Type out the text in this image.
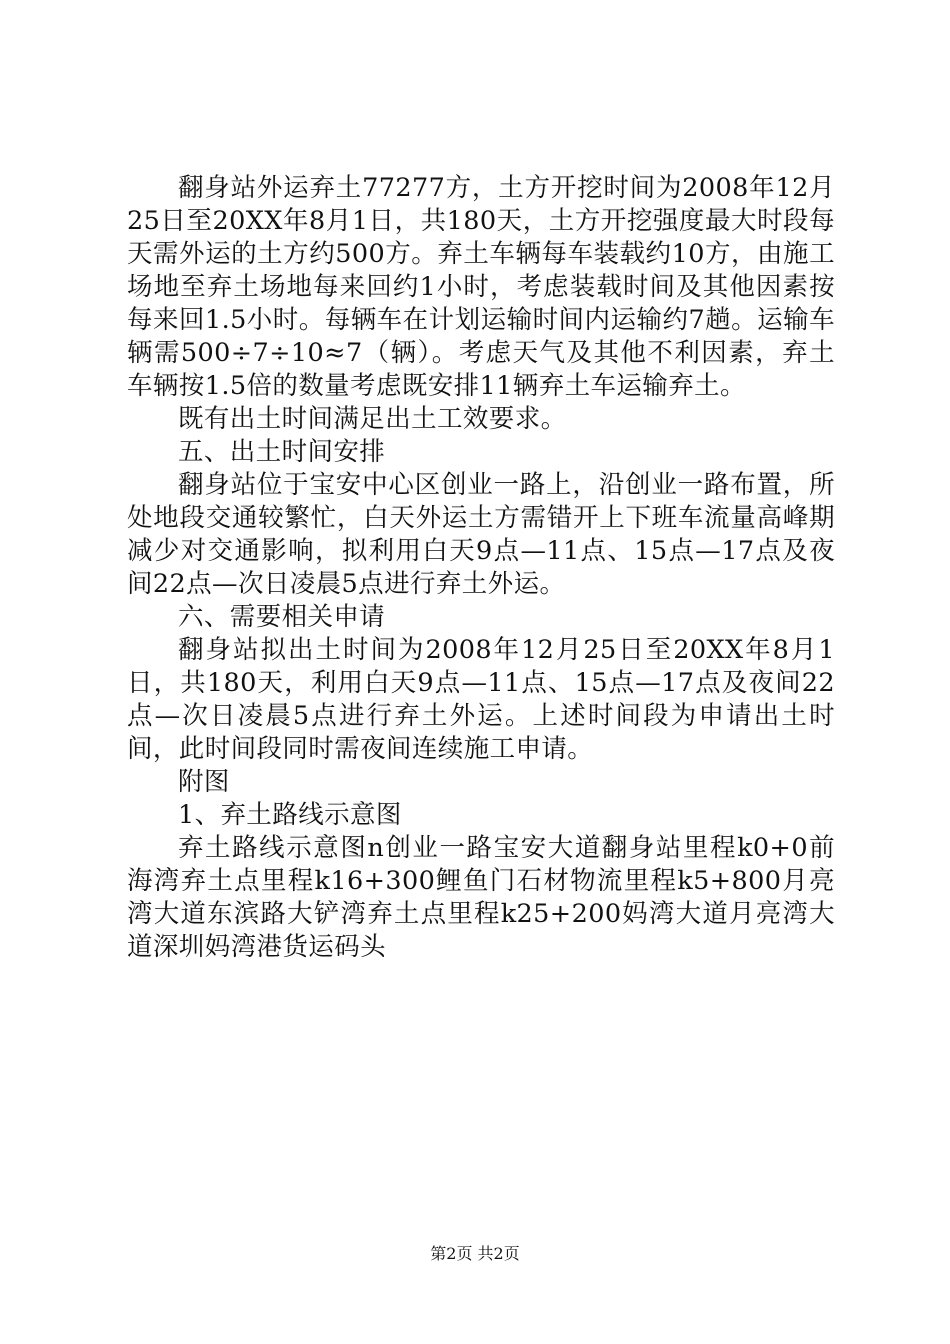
翻身站外运弃土77277方，土方开挖时间为2008年12月25日至20XX年8月1日，共180天，土方开挖强度最大时段每天需外运的土方约500方。弃土车辆每车装载约10方，由施工场地至弃土场地每来回约1小时，考虑装载时间及其他因素按每来回1.5小时。每辆车在计划运输时间内运输约7趟。运输车辆需500÷7÷10≈7（辆）。考虑天气及其他不利因素，弃土车辆按1.5倍的数量考虑既安排11辆弃土车运输弃土。

既有出土时间满足出土工效要求。

五、出土时间安排

翻身站位于宝安中心区创业一路上，沿创业一路布置，所处地段交通较繁忙，白天外运土方需错开上下班车流量高峰期减少对交通影响，拟利用白天9点—11点、15点—17点及夜间22点—次日凌晨5点进行弃土外运。

六、需要相关申请

翻身站拟出土时间为2008年12月25日至20XX年8月1日，共180天，利用白天9点—11点、15点—17点及夜间22点—次日凌晨5点进行弃土外运。上述时间段为申请出土时间，此时间段同时需夜间连续施工申请。

附图

1、弃土路线示意图

弃土路线示意图n创业一路宝安大道翻身站里程k0+0前海湾弃土点里程k16+300鲤鱼门石材物流里程k5+800月亮湾大道东滨路大铲湾弃土点里程k25+200妈湾大道月亮湾大道深圳妈湾港货运码头

第2页 共2页
